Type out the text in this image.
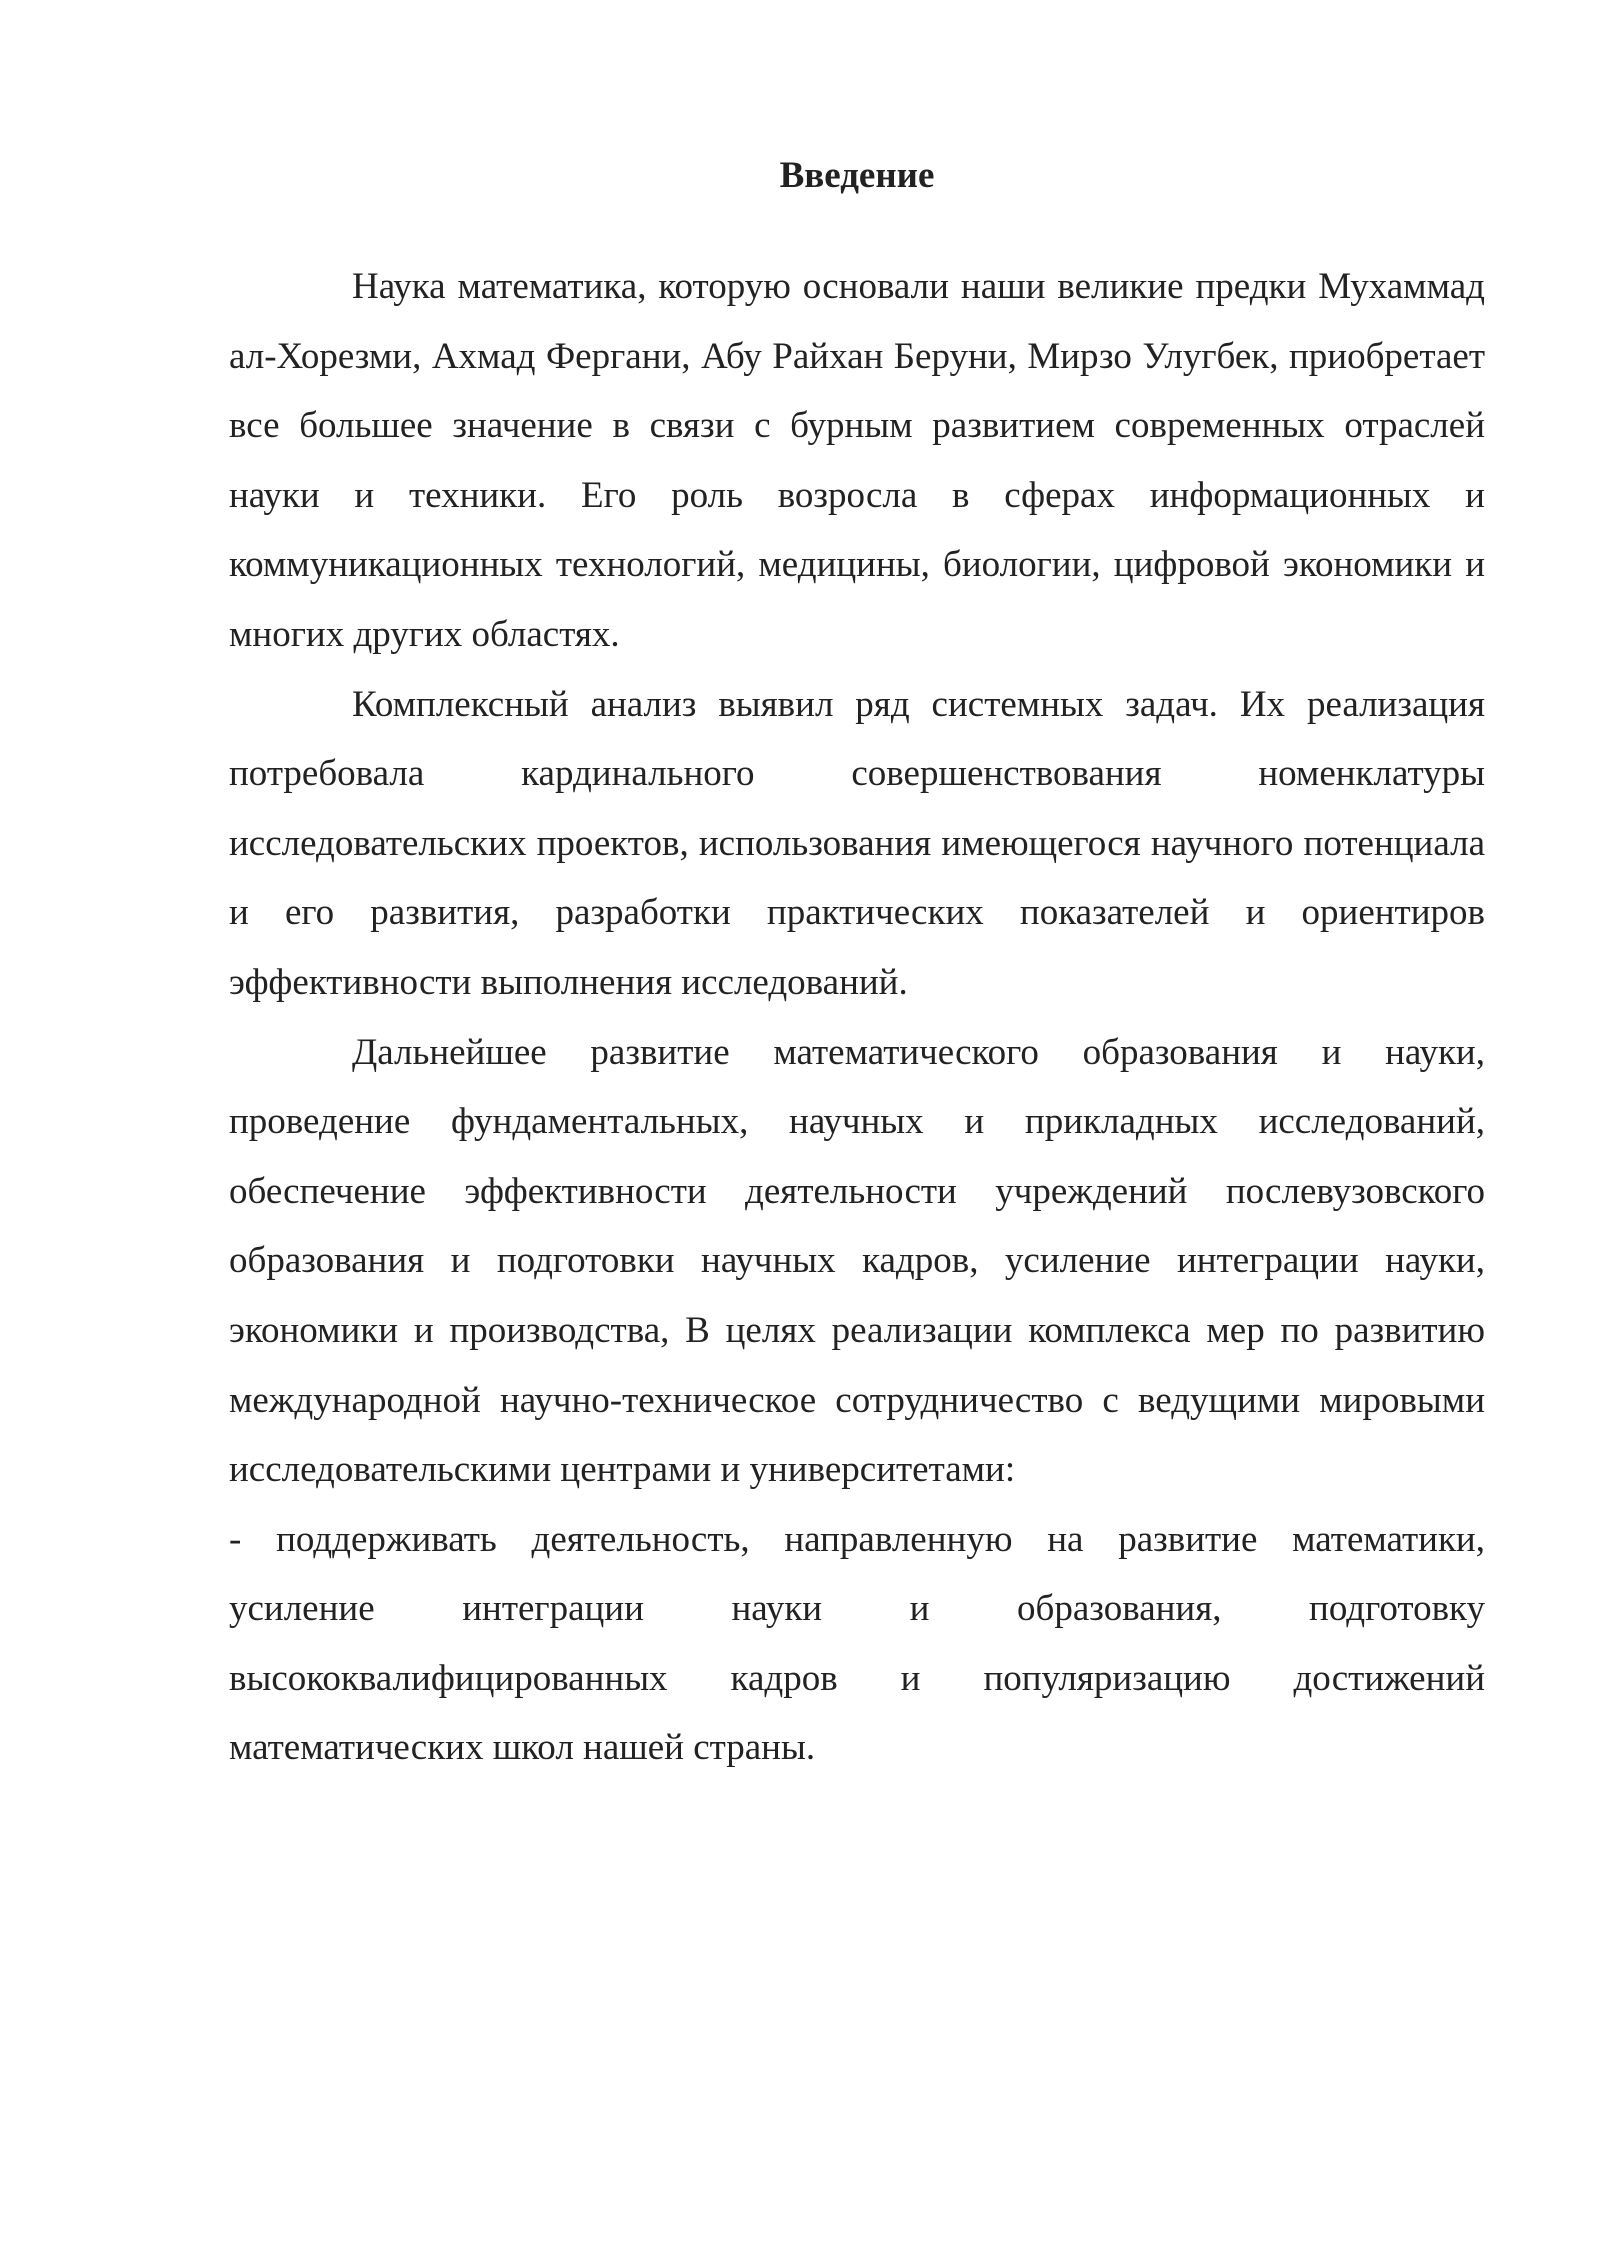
Введение

Наука математика, которую основали наши великие предки Мухаммад ал-Хорезми, Ахмад Фергани, Абу Райхан Беруни, Мирзо Улугбек, приобретает все большее значение в связи с бурным развитием современных отраслей науки и техники. Его роль возросла в сферах информационных и коммуникационных технологий, медицины, биологии, цифровой экономики и многих других областях.

Комплексный анализ выявил ряд системных задач. Их реализация потребовала кардинального совершенствования номенклатуры исследовательских проектов, использования имеющегося научного потенциала и его развития, разработки практических показателей и ориентиров эффективности выполнения исследований.

Дальнейшее развитие математического образования и науки, проведение фундаментальных, научных и прикладных исследований, обеспечение эффективности деятельности учреждений послевузовского образования и подготовки научных кадров, усиление интеграции науки, экономики и производства, В целях реализации комплекса мер по развитию международной научно-техническое сотрудничество с ведущими мировыми исследовательскими центрами и университетами:

- поддерживать деятельность, направленную на развитие математики, усиление интеграции науки и образования, подготовку высококвалифицированных кадров и популяризацию достижений математических школ нашей страны.
